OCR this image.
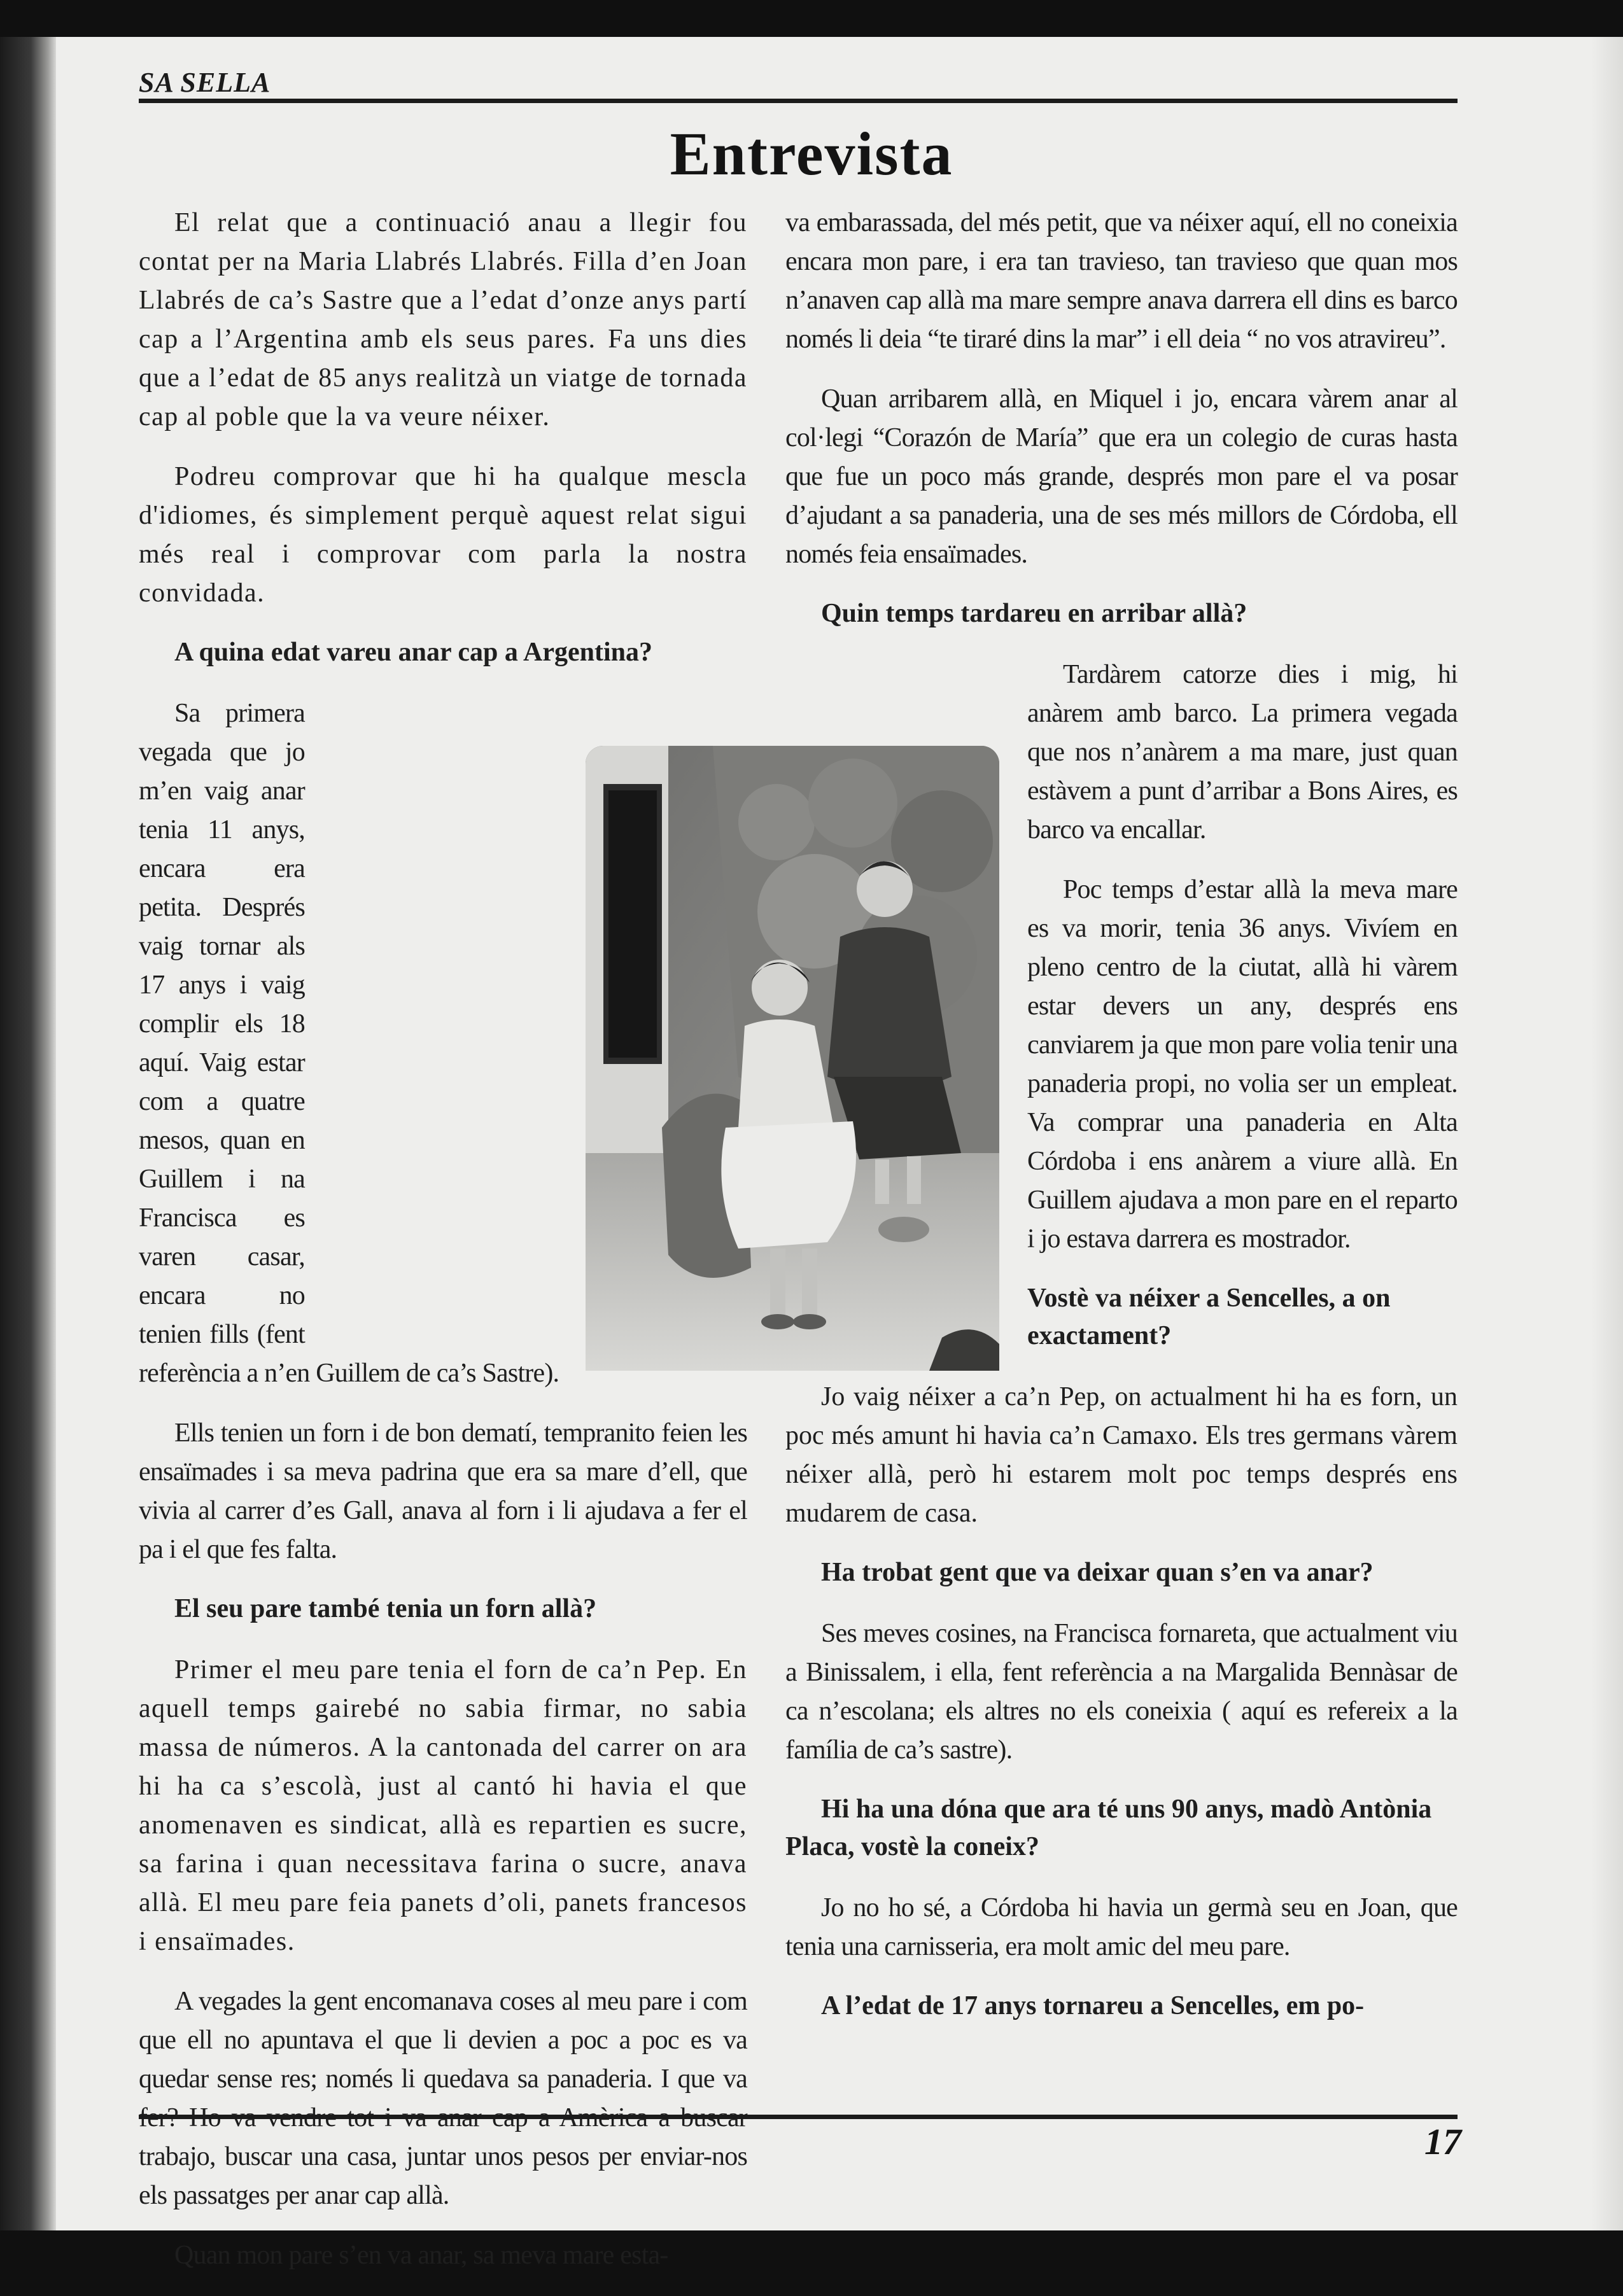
SA SELLA
Entrevista

El relat que a continuació anau a llegir fou contat per na Maria Llabrés Llabrés. Filla d’en Joan Llabrés de ca’s Sastre que a l’edat d’onze anys partí cap a l’Argentina amb els seus pares. Fa uns dies que a l’edat de 85 anys realitzà un viatge de tornada cap al poble que la va veure néixer.

Podreu comprovar que hi ha qualque mescla d'idiomes, és simplement perquè aquest relat sigui més real i comprovar com parla la nostra convidada.

A quina edat vareu anar cap a Argentina?

Sa primera vegada que jo m’en vaig anar tenia 11 anys, encara era petita. Després vaig tornar als 17 anys i vaig complir els 18 aquí. Vaig estar com a quatre mesos, quan en Guillem i na Francisca es varen casar, encara no tenien fills (fent referència a n’en Guillem de ca’s Sastre).

Ells tenien un forn i de bon dematí, tempranito feien les ensaïmades i sa meva padrina que era sa mare d’ell, que vivia al carrer d’es Gall, anava al forn i li ajudava a fer el pa i el que fes falta.

El seu pare també tenia un forn allà?

Primer el meu pare tenia el forn de ca’n Pep. En aquell temps gairebé no sabia firmar, no sabia massa de números. A la cantonada del carrer on ara hi ha ca s’escolà, just al cantó hi havia el que anomenaven es sindicat, allà es repartien es sucre, sa farina i quan necessitava farina o sucre, anava allà. El meu pare feia panets d’oli, panets francesos i ensaïmades.

A vegades la gent encomanava coses al meu pare i com que ell no apuntava el que li devien a poc a poc es va quedar sense res; només li quedava sa panaderia. I que va trabajo, buscar una casa, juntar unos pesos per enviar-nos els passatges per anar cap allà.

Quan mon pare s’en va anar, sa meva mare esta-

va embarassada, del més petit, que va néixer aquí, ell no coneixia encara mon pare, i era tan travieso, tan travieso que quan mos n’anaven cap allà ma mare sempre anava darrera ell dins es barco només li deia “te tiraré dins la mar” i ell deia “ no vos atravireu”.

Quan arribarem allà, en Miquel i jo, encara vàrem anar al col·legi “Corazón de María” que era un colegio de curas hasta que fue un poco más grande, després mon pare el va posar d’ajudant a sa panaderia, una de ses més millors de Córdoba, ell només feia ensaïmades.

Quin temps tardareu en arribar allà?

Tardàrem catorze dies i mig, hi anàrem amb barco. La primera vegada que nos n’anàrem a ma mare, just quan estàvem a punt d’arribar a Bons Aires, es barco va encallar.

Poc temps d’estar allà la meva mare es va morir, tenia 36 anys. Vivíem en pleno centro de la ciutat, allà hi vàrem estar devers un any, després ens canviarem ja que mon pare volia tenir una panaderia propi, no volia ser un empleat. Va comprar una panaderia en Alta Córdoba i ens anàrem a viure allà. En Guillem ajudava a mon pare en el reparto i jo estava darrera es mostrador.

Vostè va néixer a Sencelles, a on exactament?

Jo vaig néixer a ca’n Pep, on actualment hi ha es forn, un poc més amunt hi havia ca’n Camaxo. Els tres germans vàrem néixer allà, però hi estarem molt poc temps després ens mudarem de casa.

Ha trobat gent que va deixar quan s’en va anar?

Ses meves cosines, na Francisca fornareta, que actualment viu a Binissalem, i ella, fent referència a na Margalida Bennàsar de ca n’escolana; els altres no els coneixia ( aquí es refereix a la família de ca’s sastre).

Hi ha una dóna que ara té uns 90 anys, madò Antònia Placa, vostè la coneix?

Jo no ho sé, a Córdoba hi havia un germà seu en Joan, que tenia una carnisseria, era molt amic del meu pare.

A l’edat de 17 anys tornareu a Sencelles, em po-
17
